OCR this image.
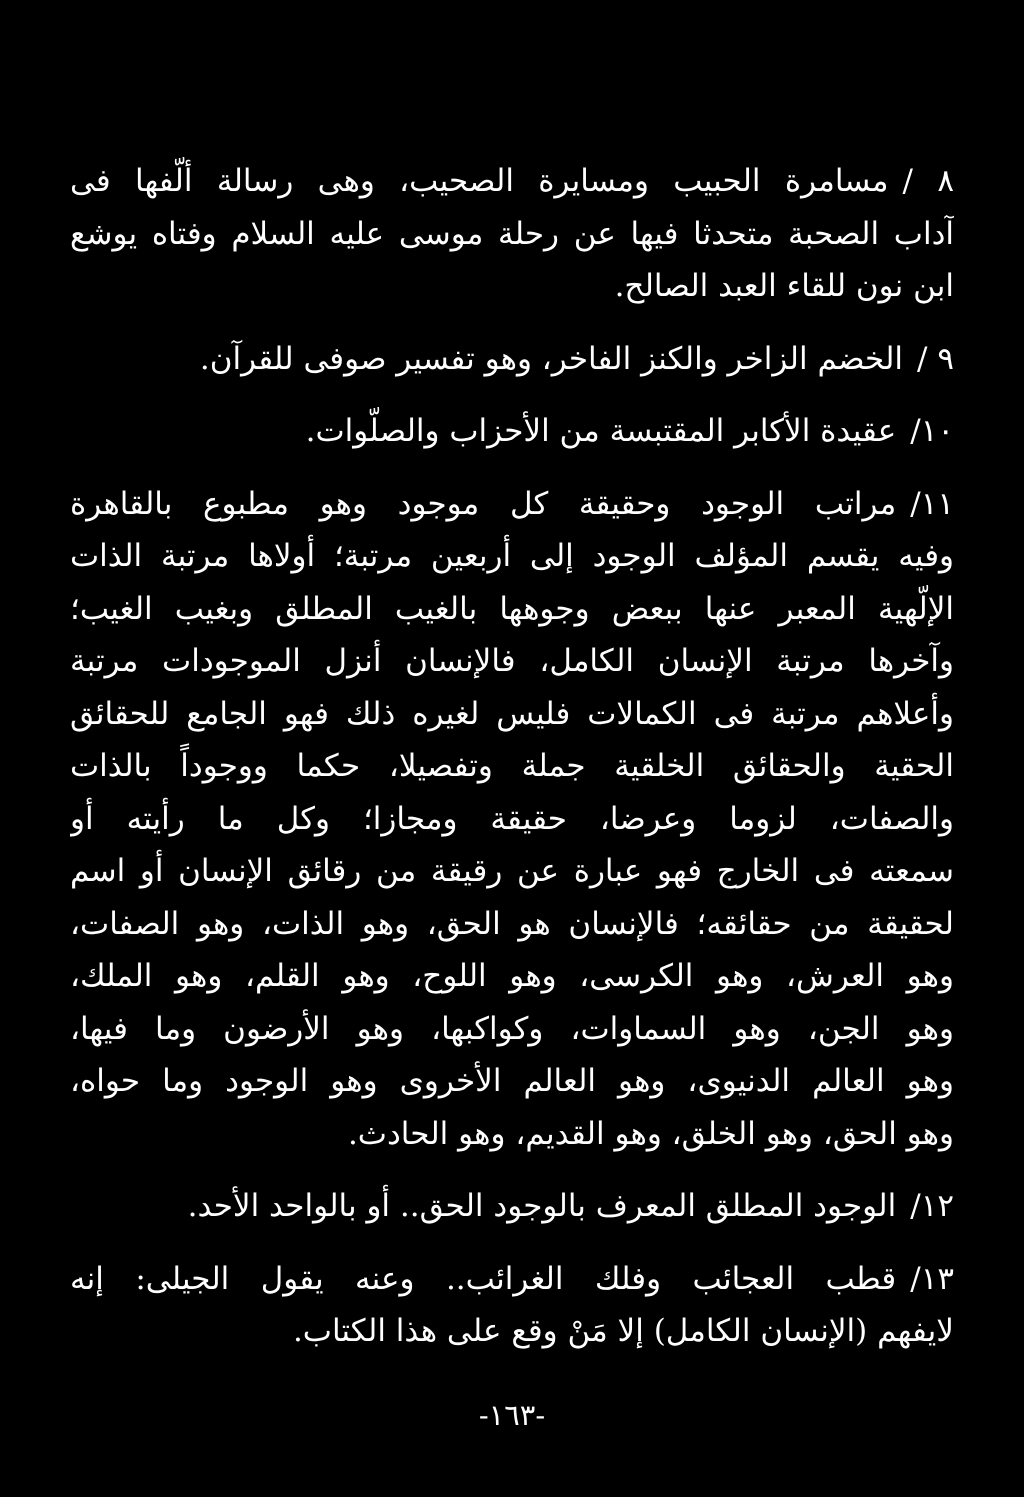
٨ /مسامرة الحبيب ومسايرة الصحيب، وهى رسالة ألّفها فى
آداب الصحبة متحدثا فيها عن رحلة موسى عليه السلام وفتاه يوشع
ابن نون للقاء العبد الصالح.
٩ /الخضم الزاخر والكنز الفاخر، وهو تفسير صوفى للقرآن.
١٠/عقيدة الأكابر المقتبسة من الأحزاب والصلّوات.
١١/مراتب الوجود وحقيقة كل موجود وهو مطبوع بالقاهرة
وفيه يقسم المؤلف الوجود إلى أربعين مرتبة؛ أولاها مرتبة الذات
الإلّهية المعبر عنها ببعض وجوهها بالغيب المطلق وبغيب الغيب؛
وآخرها مرتبة الإنسان الكامل، فالإنسان أنزل الموجودات مرتبة
وأعلاهم مرتبة فى الكمالات فليس لغيره ذلك فهو الجامع للحقائق
الحقية والحقائق الخلقية جملة وتفصيلا، حكما ووجوداً بالذات
والصفات، لزوما وعرضا، حقيقة ومجازا؛ وكل ما رأيته أو
سمعته فى الخارج فهو عبارة عن رقيقة من رقائق الإنسان أو اسم
لحقيقة من حقائقه؛ فالإنسان هو الحق، وهو الذات، وهو الصفات،
وهو العرش، وهو الكرسى، وهو اللوح، وهو القلم، وهو الملك،
وهو الجن، وهو السماوات، وكواكبها، وهو الأرضون وما فيها،
وهو العالم الدنيوى، وهو العالم الأخروى وهو الوجود وما حواه،
وهو الحق، وهو الخلق، وهو القديم، وهو الحادث.
١٢/الوجود المطلق المعرف بالوجود الحق.. أو بالواحد الأحد.
١٣/قطب العجائب وفلك الغرائب.. وعنه يقول الجيلى: إنه
لايفهم (الإنسان الكامل) إلا مَنْ وقع على هذا الكتاب.
-١٦٣-
